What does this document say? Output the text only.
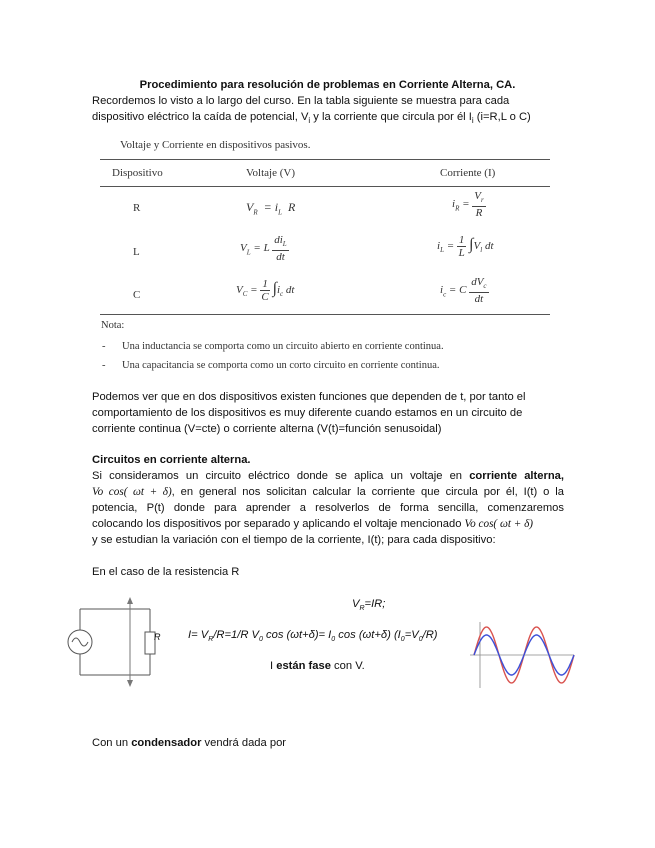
Procedimiento para resolución de problemas en Corriente Alterna, CA.
Recordemos lo visto a lo largo del curso. En la tabla siguiente se muestra para cada
dispositivo eléctrico la caída de potencial, $V_i$ y la corriente que circula por él $I_i$ (i=R,L o C)
Voltaje y Corriente en dispositivos pasivos.
Dispositivo	Voltaje (V)	Corriente (I)
R	$V_R = i_L$  R	$i_R = \frac{V_r}{R}$
L	$V_L = L \frac{di_L}{dt}$	$i_L = \frac{1}{L} \int V_l$ dt
C	$V_C = \frac{1}{C} \int i_c$ dt	$i_c = C \frac{dV_c}{dt}$
Nota:
- Una inductancia se comporta como un circuito abierto en corriente continua.
- Una capacitancia se comporta como un corto circuito en corriente continua.
Podemos ver que en dos dispositivos existen funciones que dependen de t, por tanto el
comportamiento de los dispositivos es muy diferente cuando estamos en un circuito de
corriente continua (V=cte) o corriente alterna (V(t)=función senusoidal)
Circuitos en corriente alterna.
Si consideramos un circuito eléctrico donde se aplica un voltaje en corriente alterna,
Vo cos( ωt + δ), en general nos solicitan calcular la corriente que circula por él, I(t) o la
potencia, P(t) donde para aprender a resolverlos de forma sencilla, comenzaremos
colocando los dispositivos por separado y aplicando el voltaje mencionado Vo cos( ωt + δ)
y se estudian la variación con el tiempo de la corriente, I(t); para cada dispositivo:
En el caso de la resistencia R
R
$V_R=IR$;
$I= V_R/R=1/R$ $V_0$ $\cos (\omega t+\delta)= I_0$ cos (ωt+δ) $(I_0=V_0/R)$
I están fase con V.
Con un condensador vendrá dada por
